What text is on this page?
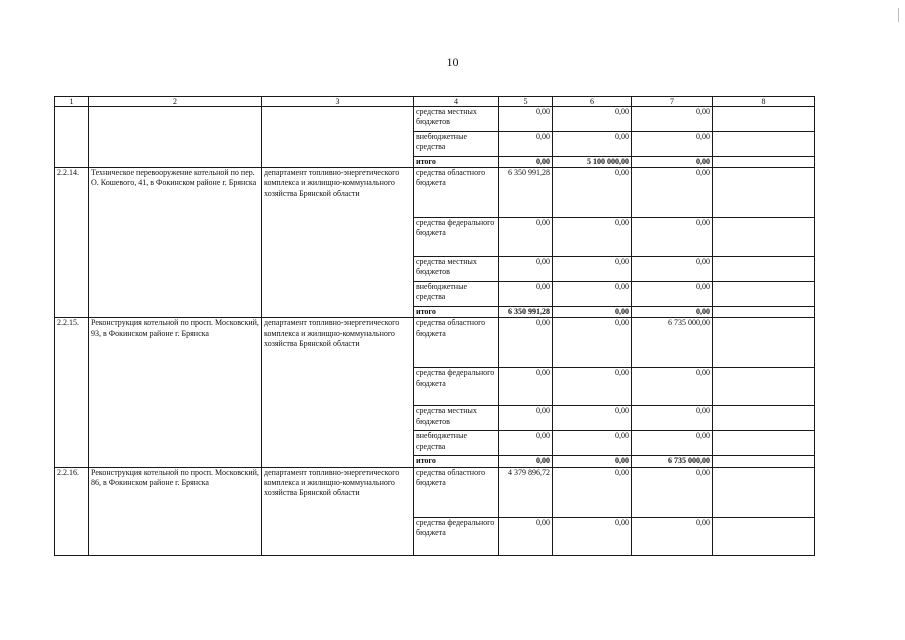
10
1	2	3	4	5	6	7	8
			средства местных бюджетов	0,00	0,00	0,00	
			внебюджетные средства	0,00	0,00	0,00	
			итого	0,00	5 100 000,00	0,00	
2.2.14.	Техническое перевооружение котельной по пер. О. Кошевого, 41, в Фокинском районе г. Брянска	департамент топливно-энергетического комплекса и жилищно-коммунального хозяйства Брянской области	средства областного бюджета	6 350 991,28	0,00	0,00	
			средства федерального бюджета	0,00	0,00	0,00	
			средства местных бюджетов	0,00	0,00	0,00	
			внебюджетные средства	0,00	0,00	0,00	
			итого	6 350 991,28	0,00	0,00	
2.2.15.	Реконструкция котельной по просп. Московский, 93, в Фокинском районе г. Брянска	департамент топливно-энергетического комплекса и жилищно-коммунального хозяйства Брянской области	средства областного бюджета	0,00	0,00	6 735 000,00	
			средства федерального бюджета	0,00	0,00	0,00	
			средства местных бюджетов	0,00	0,00	0,00	
			внебюджетные средства	0,00	0,00	0,00	
			итого	0,00	0,00	6 735 000,00	
2.2.16.	Реконструкция котельной по просп. Московский, 86, в Фокинском районе г. Брянска	департамент топливно-энергетического комплекса и жилищно-коммунального хозяйства Брянской области	средства областного бюджета	4 379 896,72	0,00	0,00	
			средства федерального бюджета	0,00	0,00	0,00	
